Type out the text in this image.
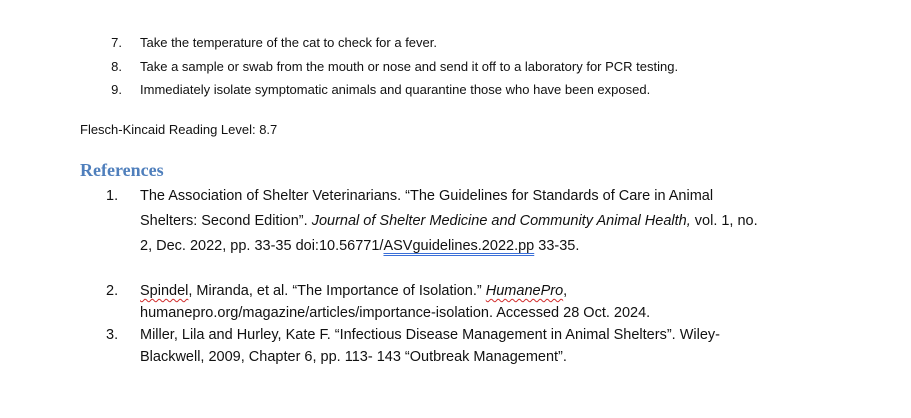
7. Take the temperature of the cat to check for a fever.
8. Take a sample or swab from the mouth or nose and send it off to a laboratory for PCR testing.
9. Immediately isolate symptomatic animals and quarantine those who have been exposed.
Flesch-Kincaid Reading Level: 8.7
References
1. The Association of Shelter Veterinarians. “The Guidelines for Standards of Care in Animal
Shelters: Second Edition”. Journal of Shelter Medicine and Community Animal Health, vol. 1, no.
2, Dec. 2022, pp. 33-35 doi:10.56771/ASVguidelines.2022.pp 33-35.
2. Spindel, Miranda, et al. “The Importance of Isolation.” HumanePro,
humanepro.org/magazine/articles/importance-isolation. Accessed 28 Oct. 2024.
3. Miller, Lila and Hurley, Kate F. “Infectious Disease Management in Animal Shelters”. Wiley-
Blackwell, 2009, Chapter 6, pp. 113- 143 “Outbreak Management”.
